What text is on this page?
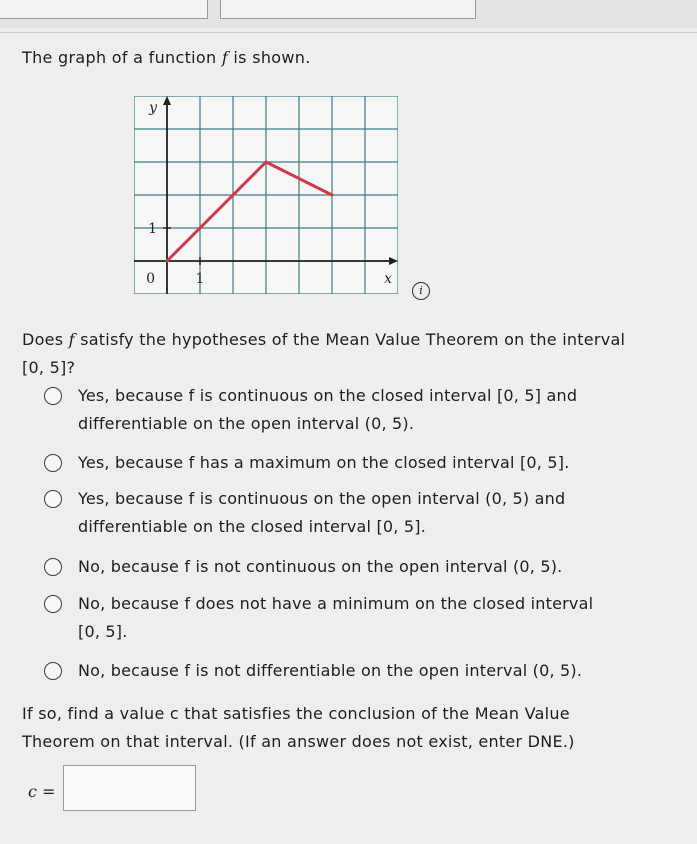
The graph of a function f is shown.
y
x
0	1
1
i
Does f satisfy the hypotheses of the Mean Value Theorem on the interval
[0, 5]?
Yes, because f is continuous on the closed interval [0, 5] and
differentiable on the open interval (0, 5).
Yes, because f has a maximum on the closed interval [0, 5].
Yes, because f is continuous on the open interval (0, 5) and
differentiable on the closed interval [0, 5].
No, because f is not continuous on the open interval (0, 5).
No, because f does not have a minimum on the closed interval
[0, 5].
No, because f is not differentiable on the open interval (0, 5).
If so, find a value c that satisfies the conclusion of the Mean Value
Theorem on that interval. (If an answer does not exist, enter DNE.)
c =
